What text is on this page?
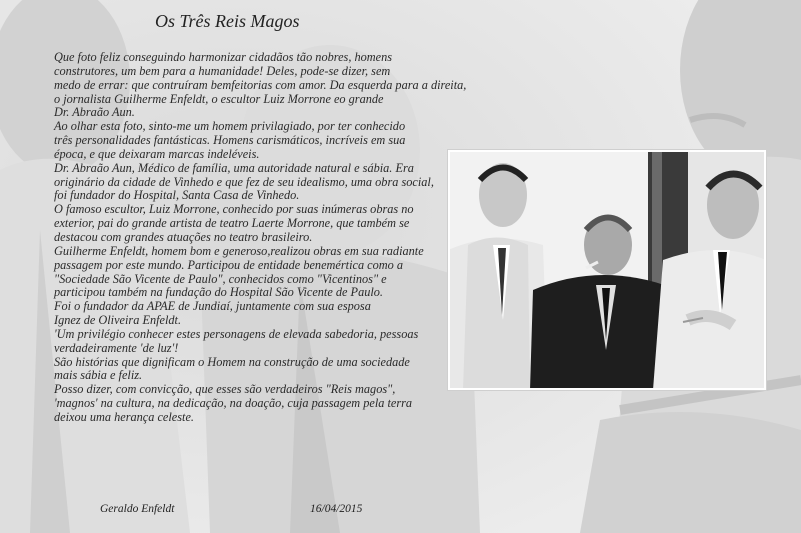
Os Três Reis Magos
Que foto feliz conseguindo harmonizar cidadãos tão nobres, homens
construtores, um bem para a humanidade! Deles, pode-se dizer, sem
medo de errar: que contruíram bemfeitorias com amor. Da esquerda para a direita,
o jornalista Guilherme Enfeldt, o escultor Luiz Morrone eo grande
Dr. Abraão Aun.
Ao olhar esta foto, sinto-me um homem privilagiado, por ter conhecido
três personalidades fantásticas. Homens carismáticos, incríveis em sua
época, e que deixaram marcas indeléveis.
Dr. Abraão Aun, Médico de família, uma autoridade natural e sábia. Era
originário da cidade de Vinhedo e que fez de seu idealismo, uma obra social,
foi fundador do Hospital, Santa Casa de Vinhedo.
O famoso escultor, Luiz Morrone, conhecido por suas inúmeras obras no
exterior, pai do grande artista de teatro Laerte Morrone, que também se
destacou com grandes atuações no teatro brasileiro.
Guilherme Enfeldt, homem bom e generoso,realizou obras em sua radiante
passagem por este mundo. Participou de entidade benemértica como a
"Sociedade São Vicente de Paulo", conhecidos como "Vicentinos" e
participou também na fundação do Hospital São Vicente de Paulo.
Foi o fundador da APAE de Jundiaí, juntamente com sua esposa
Ignez de Oliveira Enfeldt.
'Um privilégio conhecer estes personagens de elevada sabedoria, pessoas
verdadeiramente 'de luz'!
São histórias que dignificam o Homem na construção de uma sociedade
mais sábia e feliz.
Posso dizer, com convicção, que esses são verdadeiros "Reis magos",
'magnos' na cultura, na dedicação, na doação, cuja passagem pela terra
deixou uma herança celeste.
Geraldo Enfeldt	16/04/2015
